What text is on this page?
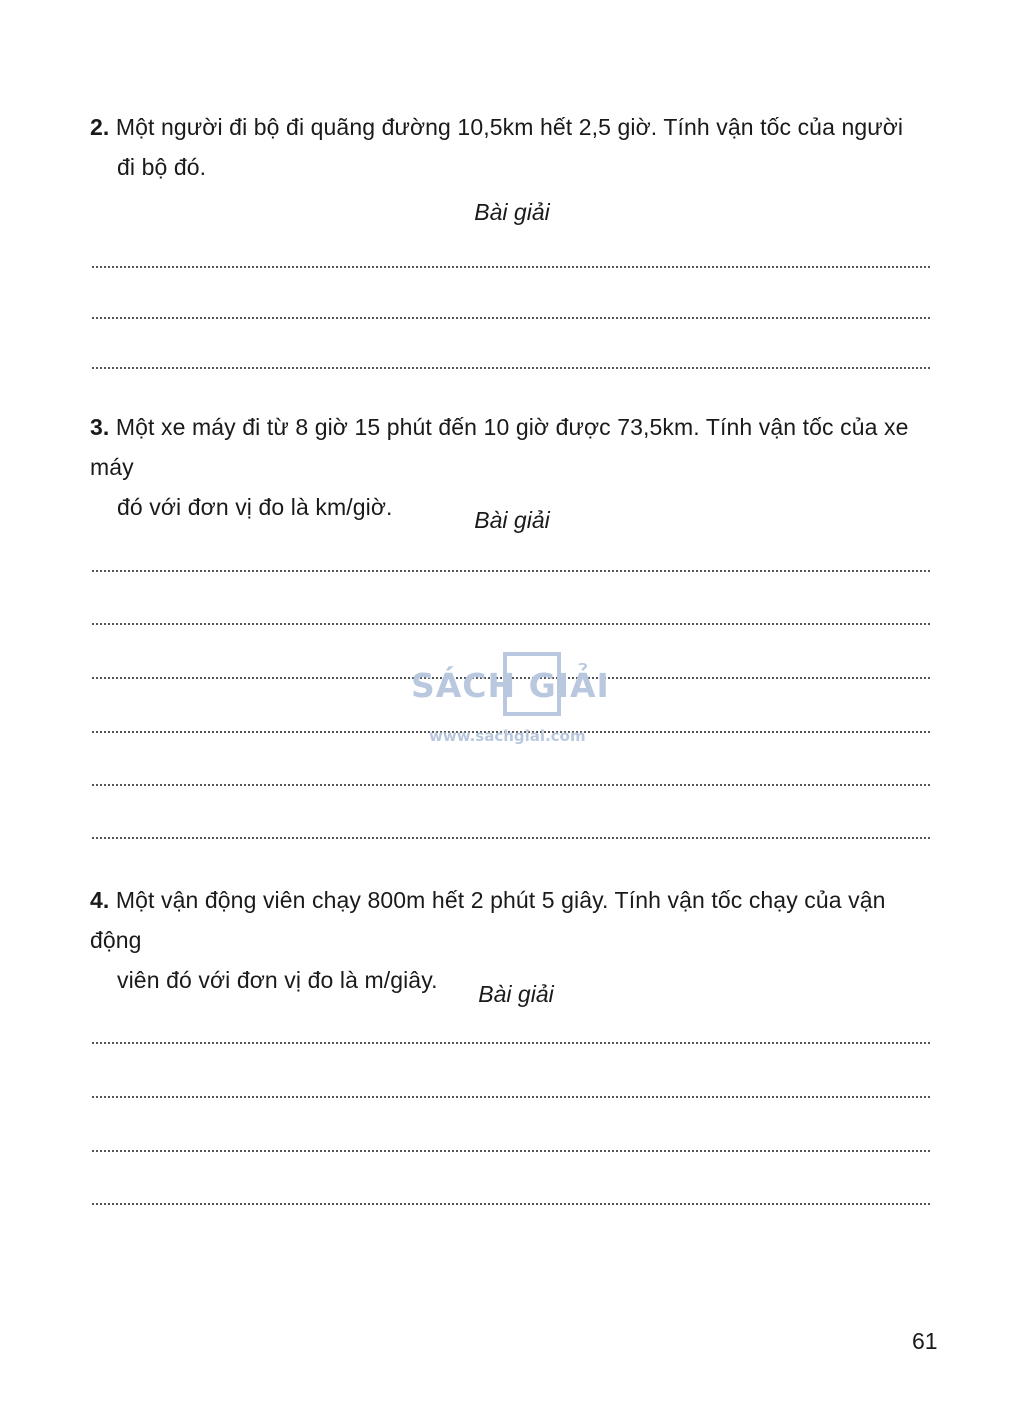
2. Một người đi bộ đi quãng đường 10,5km hết 2,5 giờ. Tính vận tốc của người
đi bộ đó.
Bài giải
3. Một xe máy đi từ 8 giờ 15 phút đến 10 giờ được 73,5km. Tính vận tốc của xe máy
đó với đơn vị đo là km/giờ.	Bài giải
4. Một vận động viên chạy 800m hết 2 phút 5 giây. Tính vận tốc chạy của vận động
viên đó với đơn vị đo là m/giây.
Bài giải
SÁCH GIẢI
www.sachgiai.com
61
